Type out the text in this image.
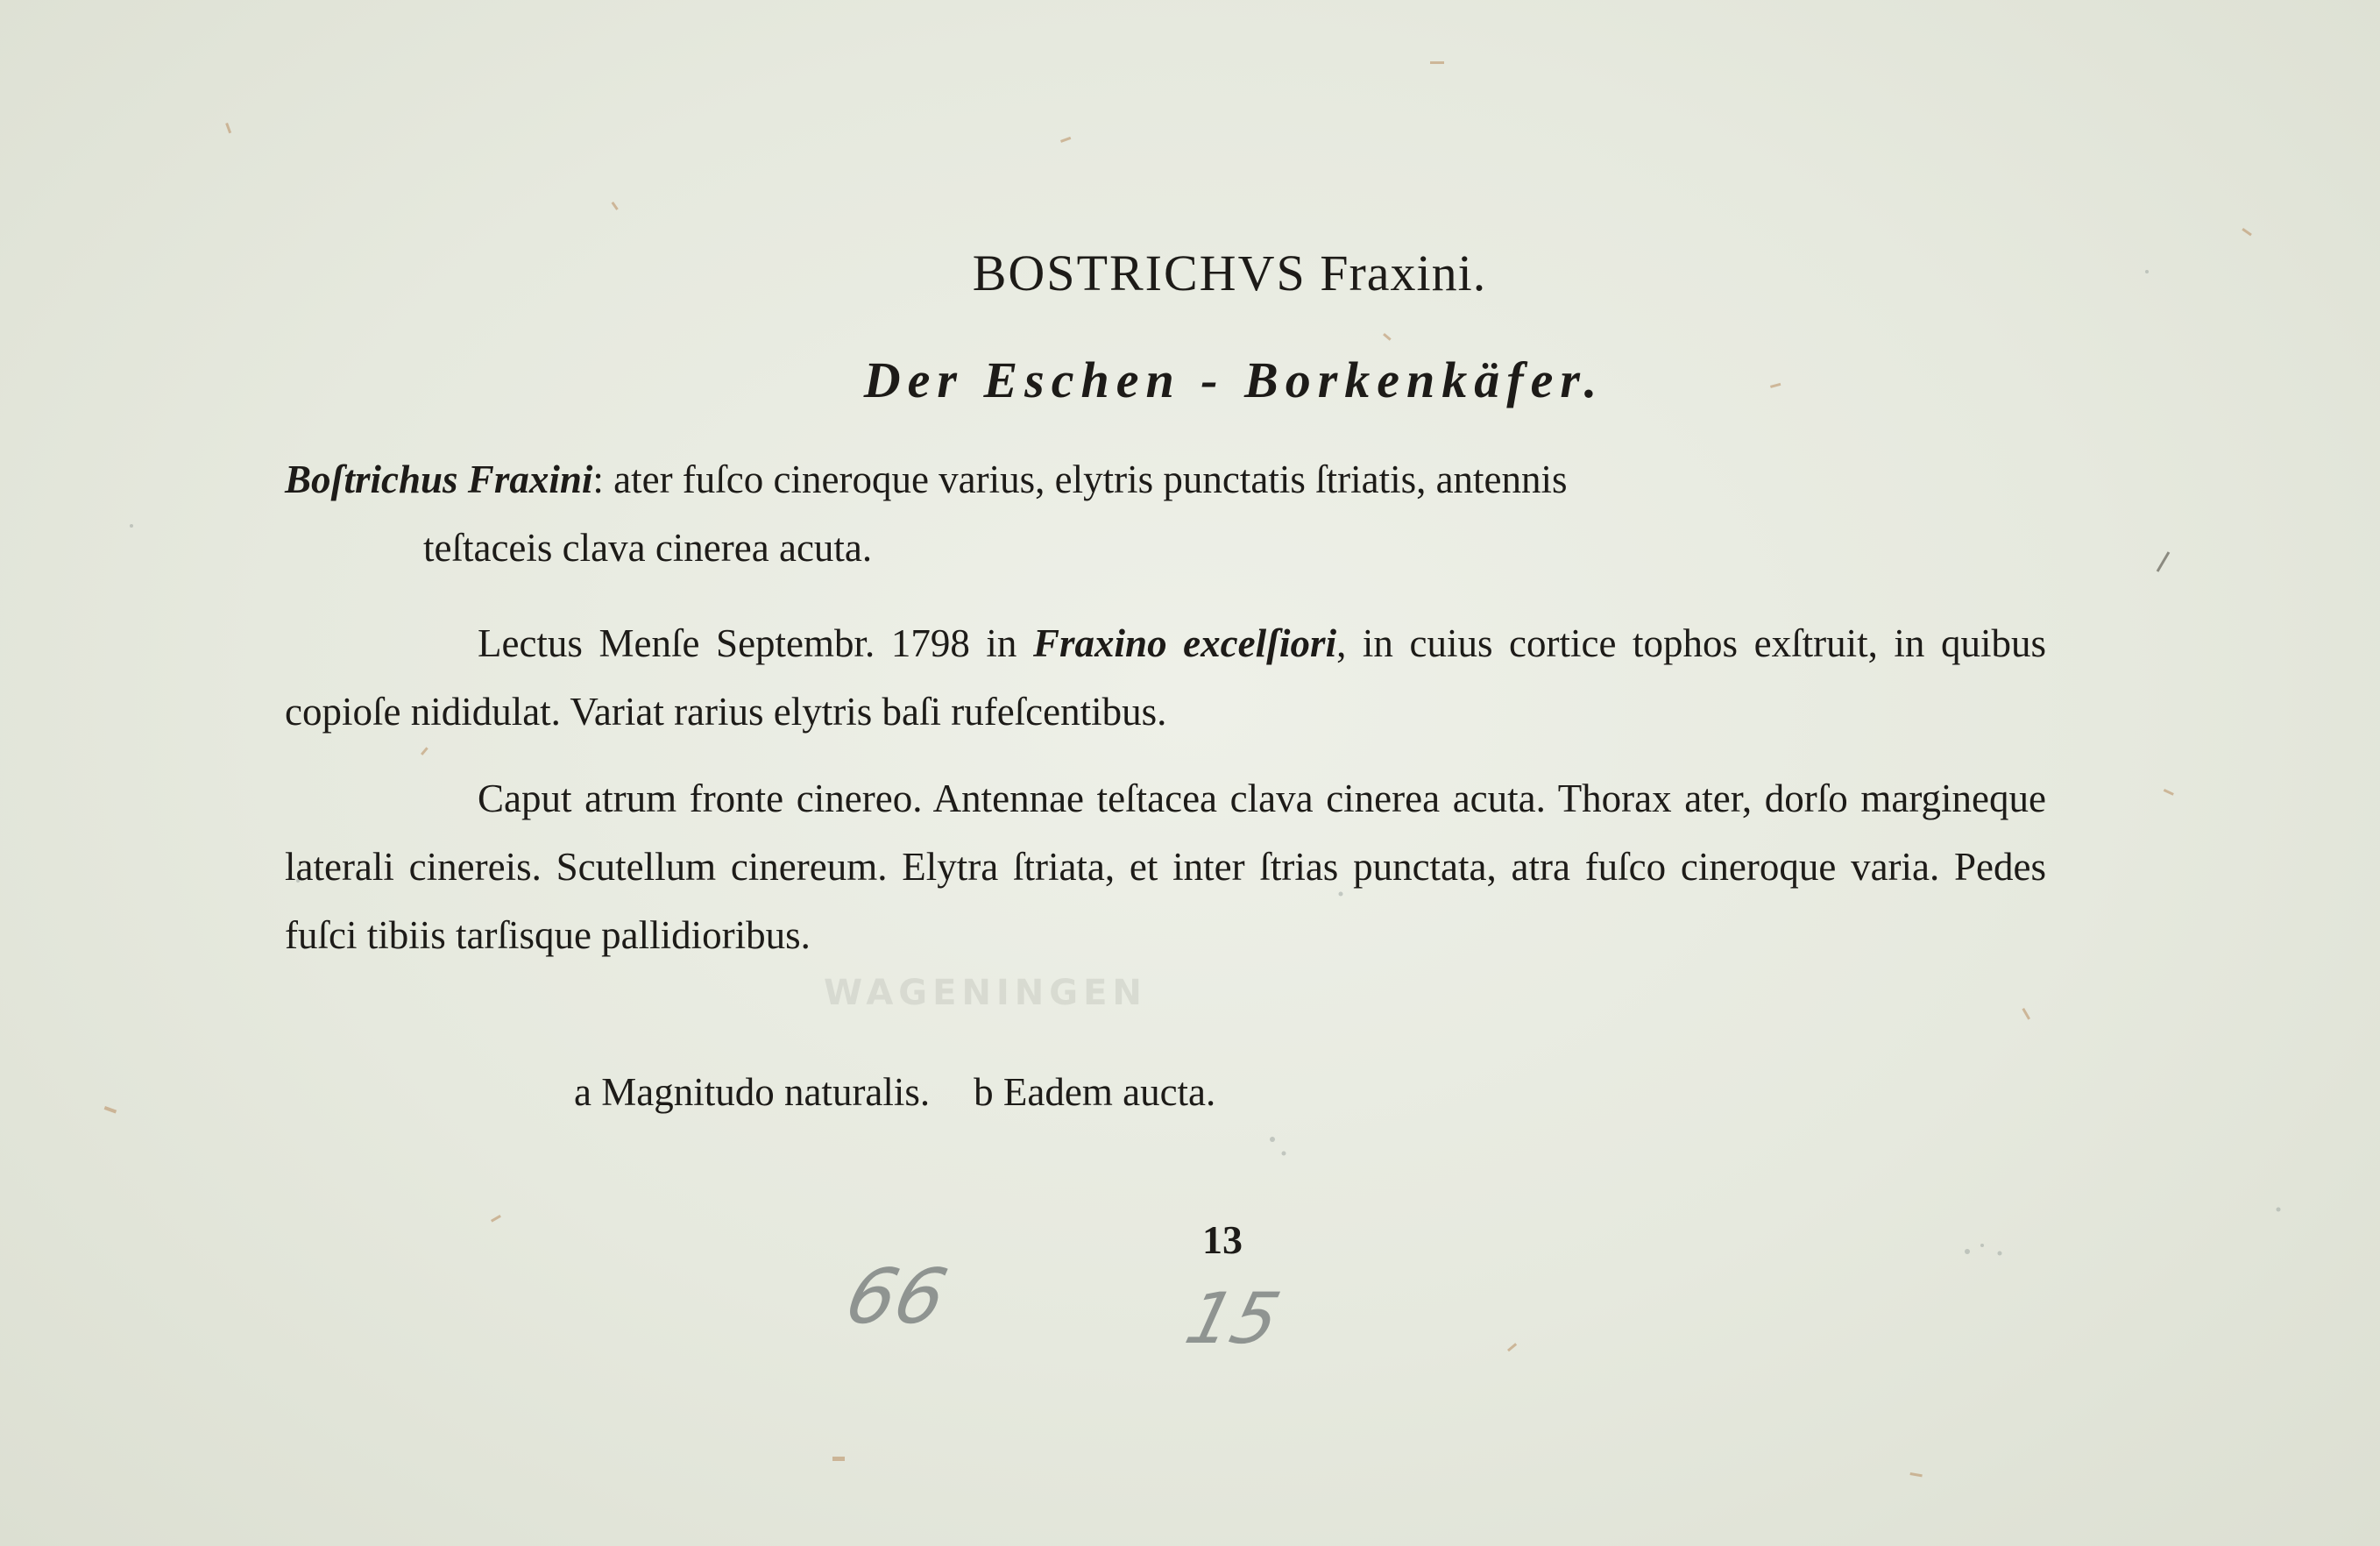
WAGENINGEN
BOSTRICHVS Fraxini.
Der Eschen - Borkenkäfer.
Boſtrichus Fraxini: ater fuſco cineroque varius, elytris punctatis ſtriatis, antennis
teſtaceis clava cinerea acuta.
Lectus Menſe Septembr. 1798 in Fraxino excelſiori, in cuius cortice tophos exſtruit, in quibus copioſe nididulat. Variat rarius elytris baſi rufeſcentibus.
Caput atrum fronte cinereo. Antennae teſtacea clava cinerea acuta. Thorax ater, dorſo margineque laterali cinereis. Scutellum cinereum. Elytra ſtriata, et inter ſtrias punctata, atra fuſco cineroque varia. Pedes fuſci tibiis tarſisque pallidioribus.
a Magnitudo naturalis. b Eadem aucta.
13
66	15
